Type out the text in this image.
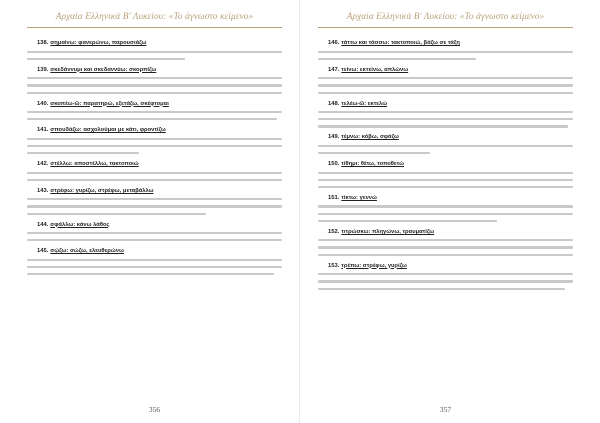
Αρχαία Ελληνικά Β' Λυκείου: «Το άγνωστο κείμενο»
138. σημαίνω: φανερώνω, παρουσιάζω
139. σκεδάννυμι και σκεδαννύω: σκορπίζω
140. σκοπέω-ῶ: παρατηρώ, εξετάζω, σκέφτομαι
141. σπουδάζω: ασχολούμαι με κάτι, φροντίζω
142. στέλλω: αποστέλλω, τακτοποιώ
143. στρέφω: γυρίζω, στρέφω, μεταβάλλω
144. σφάλλω: κάνω λάθος
145. σῴζω: σώζω, ελευθερώνω
356
Αρχαία Ελληνικά Β' Λυκείου: «Το άγνωστο κείμενο»
146. τάττω και τάσσω: τακτοποιώ, βάζω σε τάξη
147. τείνω: εκτείνω, απλώνω
148. τελέω-ῶ: εκτελώ
149. τέμνω: κόβω, σφάζω
150. τίθημι: θέτω, τοποθετώ
151. τίκτω: γεννώ
152. τιτρώσκω: πληγώνω, τραυματίζω
153. τρέπω: στρέφω, γυρίζω
357
